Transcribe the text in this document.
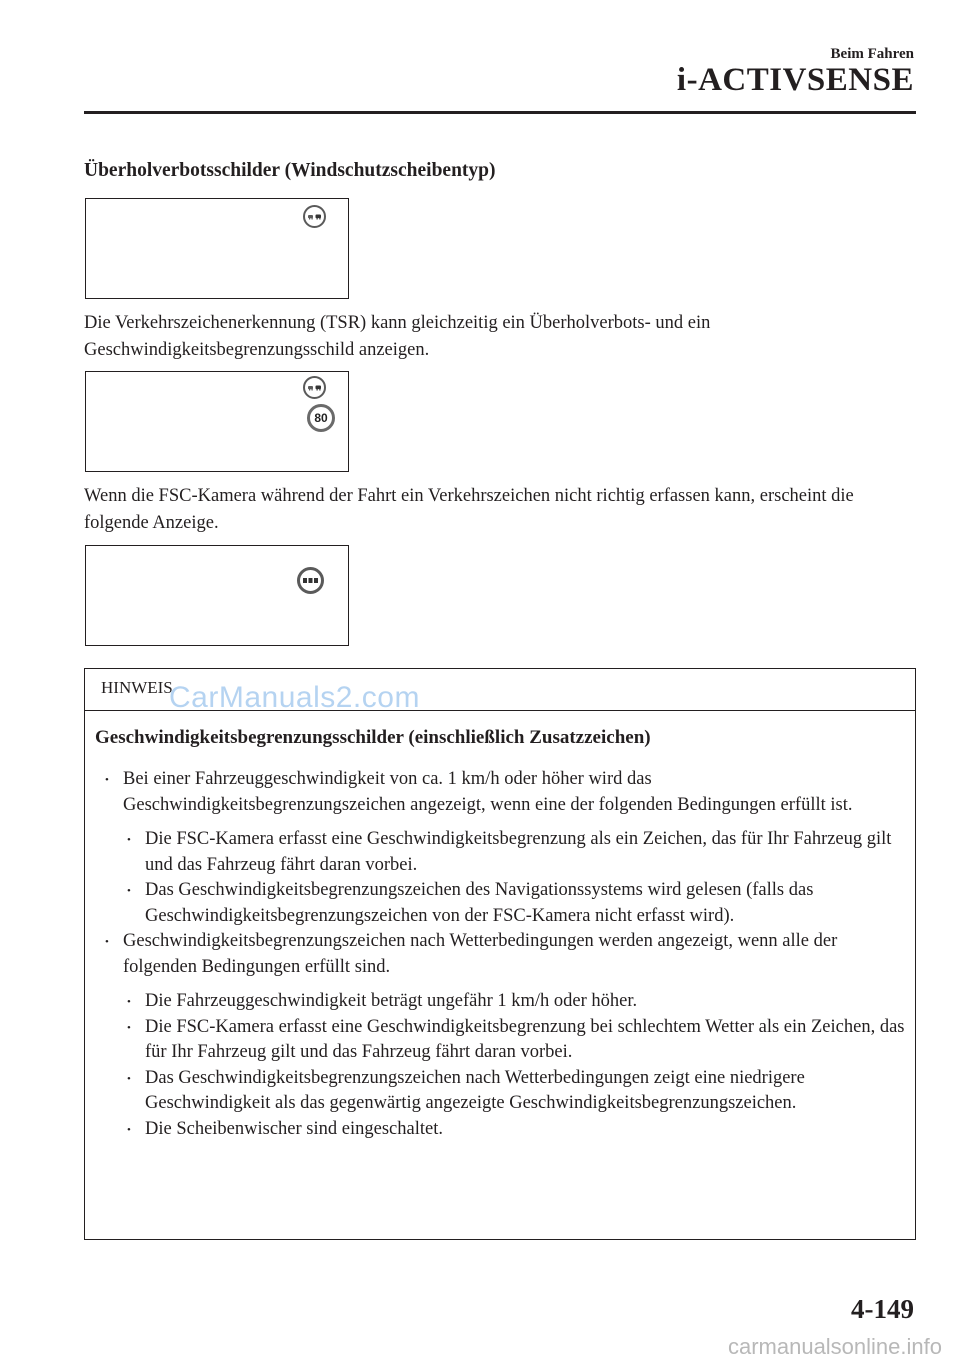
Beim Fahren
i-ACTIVSENSE
Überholverbotsschilder (Windschutzscheibentyp)
Die Verkehrszeichenerkennung (TSR) kann gleichzeitig ein Überholverbots- und ein Geschwindigkeitsbegrenzungsschild anzeigen.
80
Wenn die FSC-Kamera während der Fahrt ein Verkehrszeichen nicht richtig erfassen kann, erscheint die folgende Anzeige.
HINWEIS
CarManuals2.com
Geschwindigkeitsbegrenzungsschilder (einschließlich Zusatzzeichen)
• Bei einer Fahrzeuggeschwindigkeit von ca. 1 km/h oder höher wird das Geschwindigkeitsbegrenzungszeichen angezeigt, wenn eine der folgenden Bedingungen erfüllt ist.
• Die FSC-Kamera erfasst eine Geschwindigkeitsbegrenzung als ein Zeichen, das für Ihr Fahrzeug gilt und das Fahrzeug fährt daran vorbei.
• Das Geschwindigkeitsbegrenzungszeichen des Navigationssystems wird gelesen (falls das Geschwindigkeitsbegrenzungszeichen von der FSC-Kamera nicht erfasst wird).
• Geschwindigkeitsbegrenzungszeichen nach Wetterbedingungen werden angezeigt, wenn alle der folgenden Bedingungen erfüllt sind.
• Die Fahrzeuggeschwindigkeit beträgt ungefähr 1 km/h oder höher.
• Die FSC-Kamera erfasst eine Geschwindigkeitsbegrenzung bei schlechtem Wetter als ein Zeichen, das für Ihr Fahrzeug gilt und das Fahrzeug fährt daran vorbei.
• Das Geschwindigkeitsbegrenzungszeichen nach Wetterbedingungen zeigt eine niedrigere Geschwindigkeit als das gegenwärtig angezeigte Geschwindigkeitsbegrenzungszeichen.
• Die Scheibenwischer sind eingeschaltet.
4-149
carmanualsonline.info
